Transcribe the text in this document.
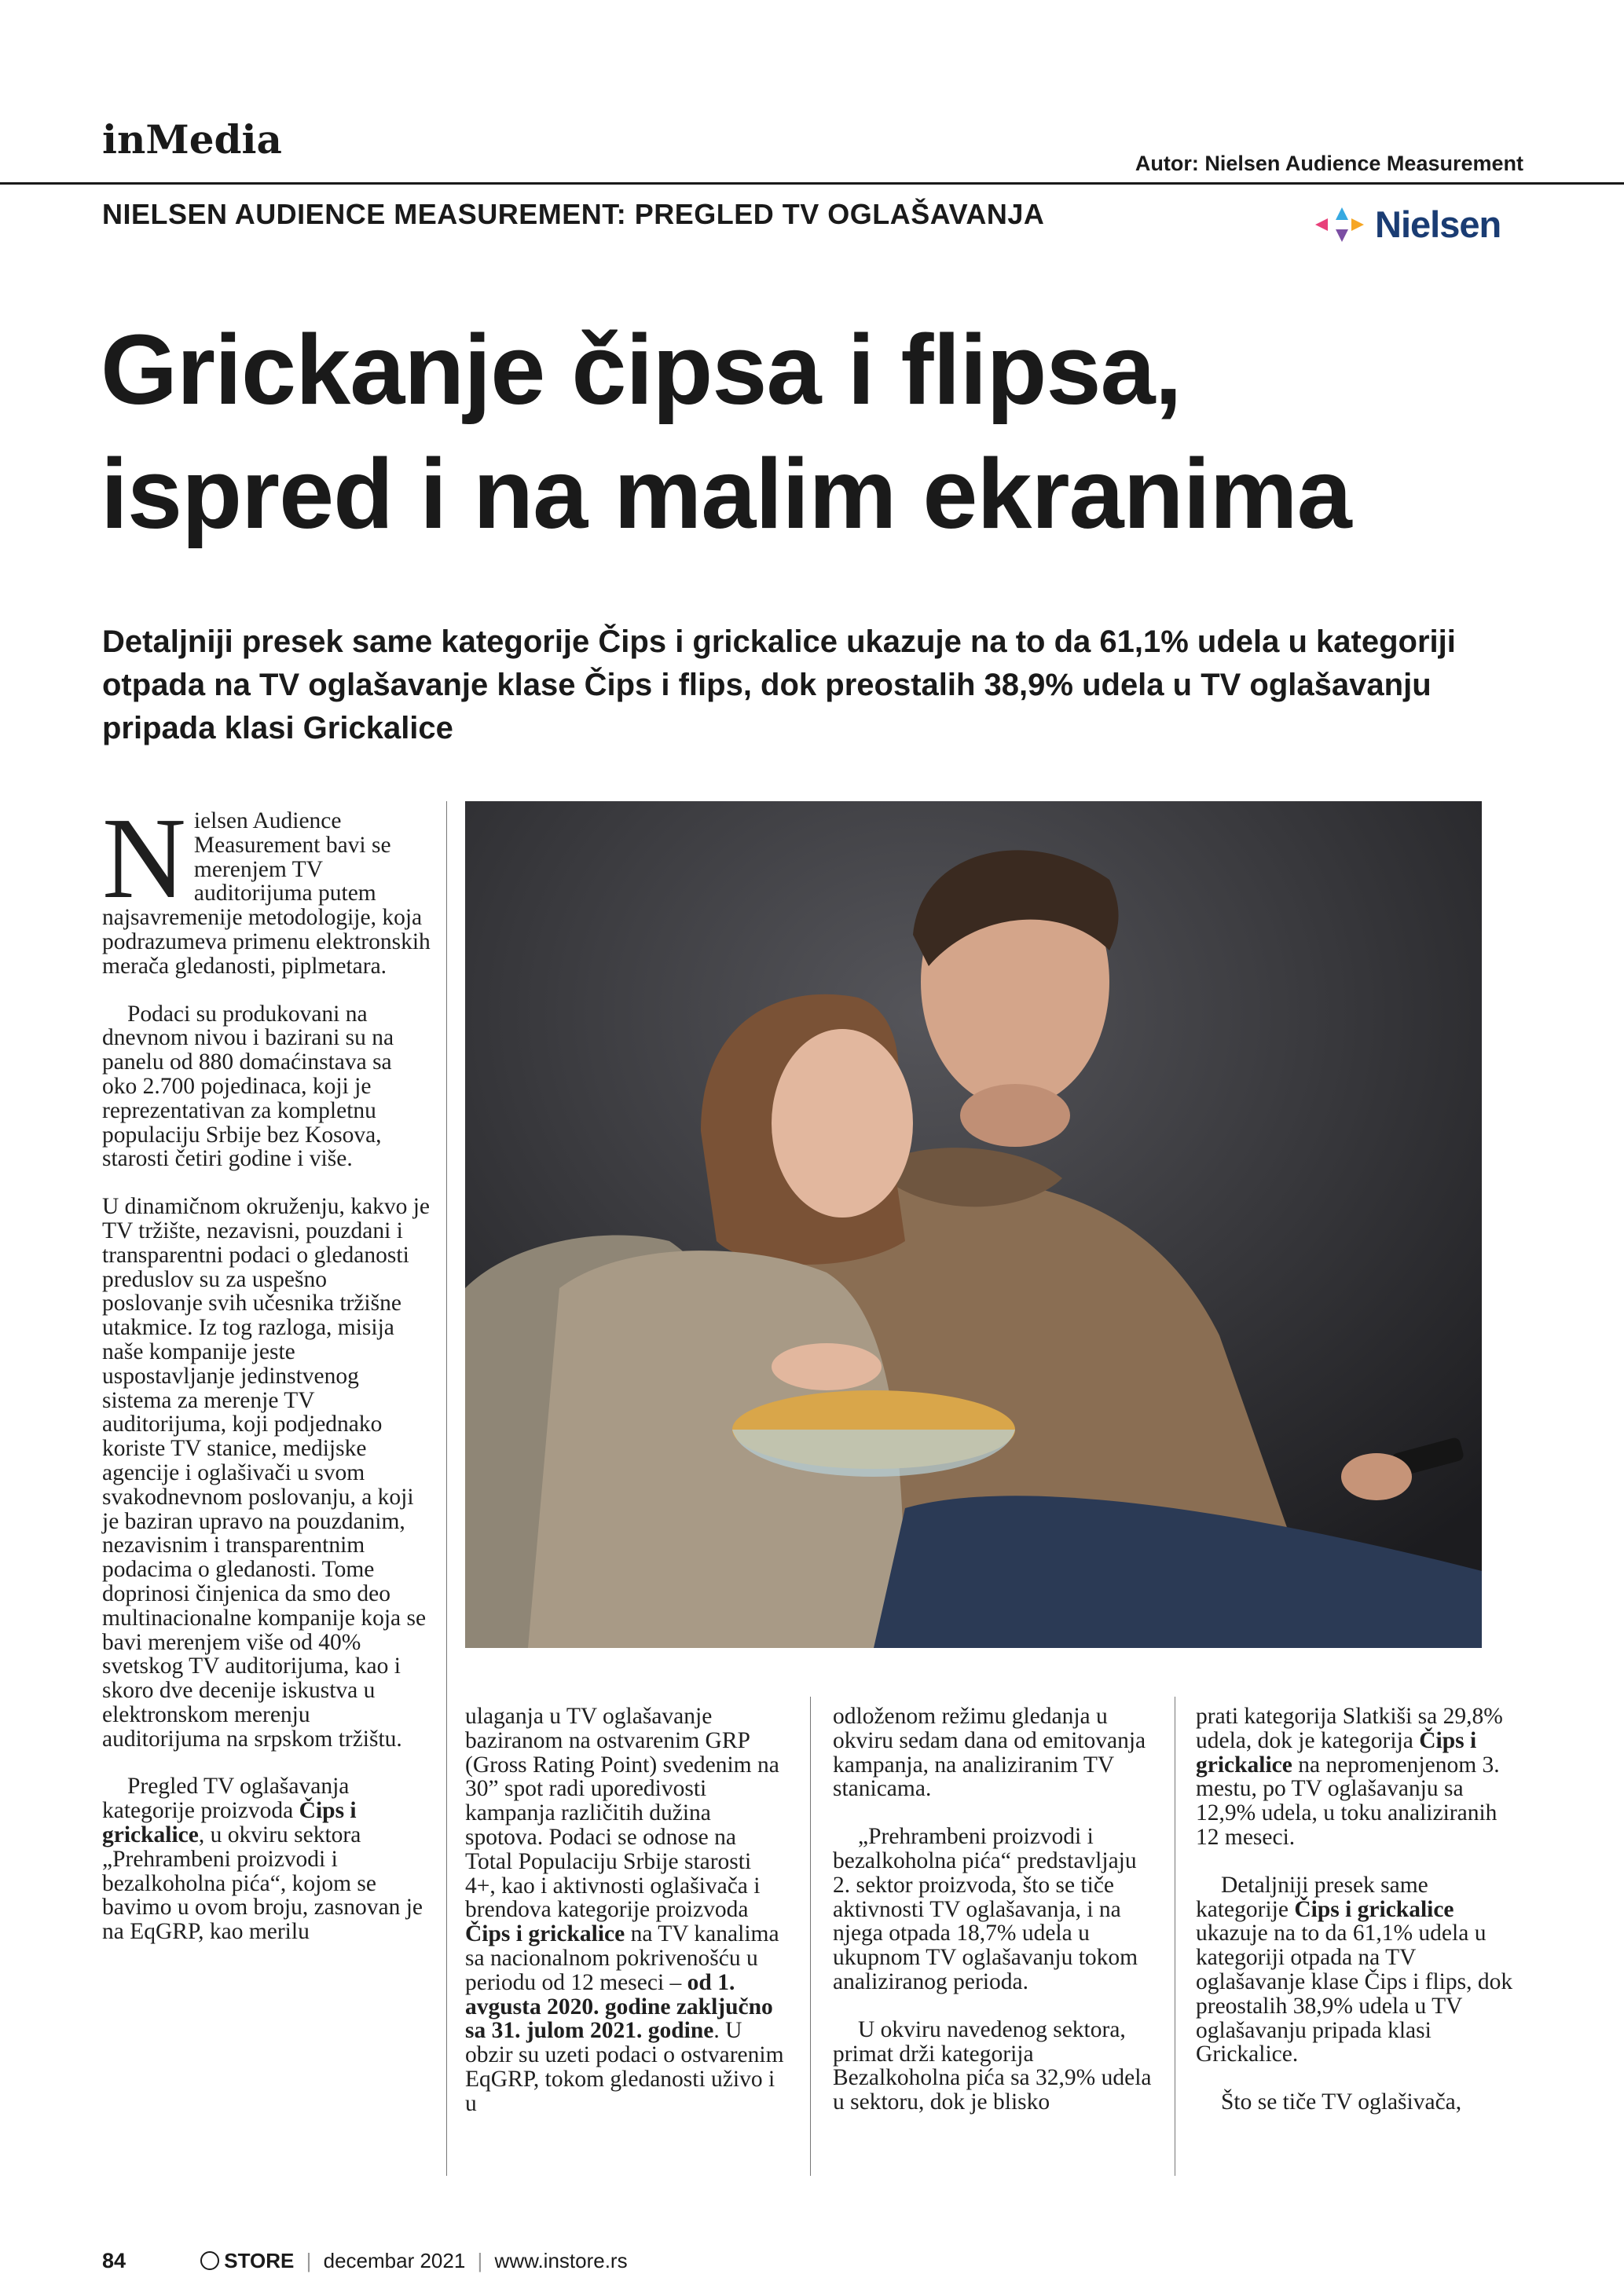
inMedia
Autor: Nielsen Audience Measurement
NIELSEN AUDIENCE MEASUREMENT: PREGLED TV OGLAŠAVANJA	Nielsen
Grickanje čipsa i flipsa,
ispred i na malim ekranima
Detaljniji presek same kategorije Čips i grickalice ukazuje na to da 61,1% udela u kategoriji otpada na TV oglašavanje klase Čips i flips, dok preostalih 38,9% udela u TV oglašavanju pripada klasi Grickalice

Nielsen Audience Measurement bavi se merenjem TV auditorijuma putem najsavremenije metodologije, koja podrazumeva primenu elektronskih merača gledanosti, piplmetara.

Podaci su produkovani na dnevnom nivou i bazirani su na panelu od 880 domaćinstava sa oko 2.700 pojedinaca, koji je reprezentativan za kompletnu populaciju Srbije bez Kosova, starosti četiri godine i više.

U dinamičnom okruženju, kakvo je TV tržište, nezavisni, pouzdani i transparentni podaci o gledanosti preduslov su za uspešno poslovanje svih učesnika tržišne utakmice. Iz tog razloga, misija naše kompanije jeste uspostavljanje jedinstvenog sistema za merenje TV auditorijuma, koji podjednako koriste TV stanice, medijske agencije i oglašivači u svom svakodnevnom poslovanju, a koji je baziran upravo na pouzdanim, nezavisnim i transparentnim podacima o gledanosti. Tome doprinosi činjenica da smo deo multinacionalne kompanije koja se bavi merenjem više od 40% svetskog TV auditorijuma, kao i skoro dve decenije iskustva u elektronskom merenju auditorijuma na srpskom tržištu.

Pregled TV oglašavanja kategorije proizvoda Čips i grickalice, u okviru sektora „Prehrambeni proizvodi i bezalkoholna pića“, kojom se bavimo u ovom broju, zasnovan je na EqGRP, kao merilu

ulaganja u TV oglašavanje baziranom na ostvarenim GRP (Gross Rating Point) svedenim na 30” spot radi uporedivosti kampanja različitih dužina spotova. Podaci se odnose na Total Populaciju Srbije starosti 4+, kao i aktivnosti oglašivača i brendova kategorije proizvoda Čips i grickalice na TV kanalima sa nacionalnom pokrivenošću u periodu od 12 meseci – od 1. avgusta 2020. godine zaključno sa 31. julom 2021. godine. U obzir su uzeti podaci o ostvarenim EqGRP, tokom gledanosti uživo i u

odloženom režimu gledanja u okviru sedam dana od emitovanja kampanja, na analiziranim TV stanicama.

„Prehrambeni proizvodi i bezalkoholna pića“ predstavljaju 2. sektor proizvoda, što se tiče aktivnosti TV oglašavanja, i na njega otpada 18,7% udela u ukupnom TV oglašavanju tokom analiziranog perioda.

U okviru navedenog sektora, primat drži kategorija Bezalkoholna pića sa 32,9% udela u sektoru, dok je blisko

prati kategorija Slatkiši sa 29,8% udela, dok je kategorija Čips i grickalice na nepromenjenom 3. mestu, po TV oglašavanju sa 12,9% udela, u toku analiziranih 12 meseci.

Detaljniji presek same kategorije Čips i grickalice ukazuje na to da 61,1% udela u kategoriji otpada na TV oglašavanje klase Čips i flips, dok preostalih 38,9% udela u TV oglašavanju pripada klasi Grickalice.

Što se tiče TV oglašivača,

84	STORE | decembar 2021 | www.instore.rs
